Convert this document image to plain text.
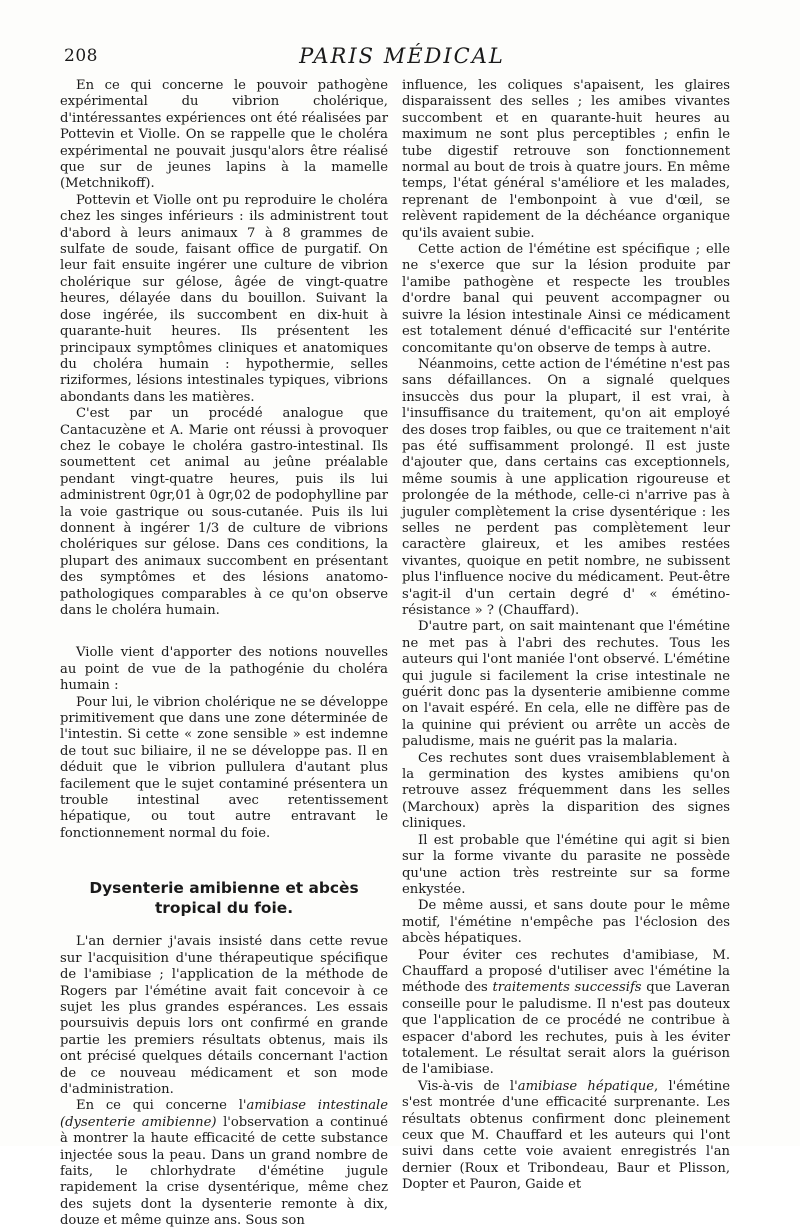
208	PARIS MÉDICAL

En ce qui concerne le pouvoir pathogène expérimental du vibrion cholérique, d'intéressantes expériences ont été réalisées par Pottevin et Violle. On se rappelle que le choléra expérimental ne pouvait jusqu'alors être réalisé que sur de jeunes lapins à la mamelle (Metchnikoff).

Pottevin et Violle ont pu reproduire le choléra chez les singes inférieurs : ils administrent tout d'abord à leurs animaux 7 à 8 grammes de sulfate de soude, faisant office de purgatif. On leur fait ensuite ingérer une culture de vibrion cholérique sur gélose, âgée de vingt-quatre heures, délayée dans du bouillon. Suivant la dose ingérée, ils succombent en dix-huit à quarante-huit heures. Ils présentent les principaux symptômes cliniques et anatomiques du choléra humain : hypothermie, selles riziformes, lésions intestinales typiques, vibrions abondants dans les matières.

C'est par un procédé analogue que Cantacuzène et A. Marie ont réussi à provoquer chez le cobaye le choléra gastro-intestinal. Ils soumettent cet animal au jeûne préalable pendant vingt-quatre heures, puis ils lui administrent 0gr,01 à 0gr,02 de podophylline par la voie gastrique ou sous-cutanée. Puis ils lui donnent à ingérer 1/3 de culture de vibrions cholériques sur gélose. Dans ces conditions, la plupart des animaux succombent en présentant des symptômes et des lésions anatomo-pathologiques comparables à ce qu'on observe dans le choléra humain.

Violle vient d'apporter des notions nouvelles au point de vue de la pathogénie du choléra humain :

Pour lui, le vibrion cholérique ne se développe primitivement que dans une zone déterminée de l'intestin. Si cette « zone sensible » est indemne de tout suc biliaire, il ne se développe pas. Il en déduit que le vibrion pullulera d'autant plus facilement que le sujet contaminé présentera un trouble intestinal avec retentissement hépatique, ou tout autre entravant le fonctionnement normal du foie.

Dysenterie amibienne et abcès tropical du foie.

L'an dernier j'avais insisté dans cette revue sur l'acquisition d'une thérapeutique spécifique de l'amibiase ; l'application de la méthode de Rogers par l'émétine avait fait concevoir à ce sujet les plus grandes espérances. Les essais poursuivis depuis lors ont confirmé en grande partie les premiers résultats obtenus, mais ils ont précisé quelques détails concernant l'action de ce nouveau médicament et son mode d'administration.

En ce qui concerne l'amibiase intestinale (dysenterie amibienne) l'observation a continué à montrer la haute efficacité de cette substance injectée sous la peau. Dans un grand nombre de faits, le chlorhydrate d'émétine jugule rapidement la crise dysentérique, même chez des sujets dont la dysenterie remonte à dix, douze et même quinze ans. Sous son

influence, les coliques s'apaisent, les glaires disparaissent des selles ; les amibes vivantes succombent et en quarante-huit heures au maximum ne sont plus perceptibles ; enfin le tube digestif retrouve son fonctionnement normal au bout de trois à quatre jours. En même temps, l'état général s'améliore et les malades, reprenant de l'embonpoint à vue d'œil, se relèvent rapidement de la déchéance organique qu'ils avaient subie.

Cette action de l'émétine est spécifique ; elle ne s'exerce que sur la lésion produite par l'amibe pathogène et respecte les troubles d'ordre banal qui peuvent accompagner ou suivre la lésion intestinale Ainsi ce médicament est totalement dénué d'efficacité sur l'entérite concomitante qu'on observe de temps à autre.

Néanmoins, cette action de l'émétine n'est pas sans défaillances. On a signalé quelques insuccès dus pour la plupart, il est vrai, à l'insuffisance du traitement, qu'on ait employé des doses trop faibles, ou que ce traitement n'ait pas été suffisamment prolongé. Il est juste d'ajouter que, dans certains cas exceptionnels, même soumis à une application rigoureuse et prolongée de la méthode, celle-ci n'arrive pas à juguler complètement la crise dysentérique : les selles ne perdent pas complètement leur caractère glaireux, et les amibes restées vivantes, quoique en petit nombre, ne subissent plus l'influence nocive du médicament. Peut-être s'agit-il d'un certain degré d' « émétino-résistance » ? (Chauffard).

D'autre part, on sait maintenant que l'émétine ne met pas à l'abri des rechutes. Tous les auteurs qui l'ont maniée l'ont observé. L'émétine qui jugule si facilement la crise intestinale ne guérit donc pas la dysenterie amibienne comme on l'avait espéré. En cela, elle ne diffère pas de la quinine qui prévient ou arrête un accès de paludisme, mais ne guérit pas la malaria.

Ces rechutes sont dues vraisemblablement à la germination des kystes amibiens qu'on retrouve assez fréquemment dans les selles (Marchoux) après la disparition des signes cliniques.

Il est probable que l'émétine qui agit si bien sur la forme vivante du parasite ne possède qu'une action très restreinte sur sa forme enkystée.

De même aussi, et sans doute pour le même motif, l'émétine n'empêche pas l'éclosion des abcès hépatiques.

Pour éviter ces rechutes d'amibiase, M. Chauffard a proposé d'utiliser avec l'émétine la méthode des traitements successifs que Laveran conseille pour le paludisme. Il n'est pas douteux que l'application de ce procédé ne contribue à espacer d'abord les rechutes, puis à les éviter totalement. Le résultat serait alors la guérison de l'amibiase.

Vis-à-vis de l'amibiase hépatique, l'émétine s'est montrée d'une efficacité surprenante. Les résultats obtenus confirment donc pleinement ceux que M. Chauffard et les auteurs qui l'ont suivi dans cette voie avaient enregistrés l'an dernier (Roux et Tribondeau, Baur et Plisson, Dopter et Pauron, Gaide et
